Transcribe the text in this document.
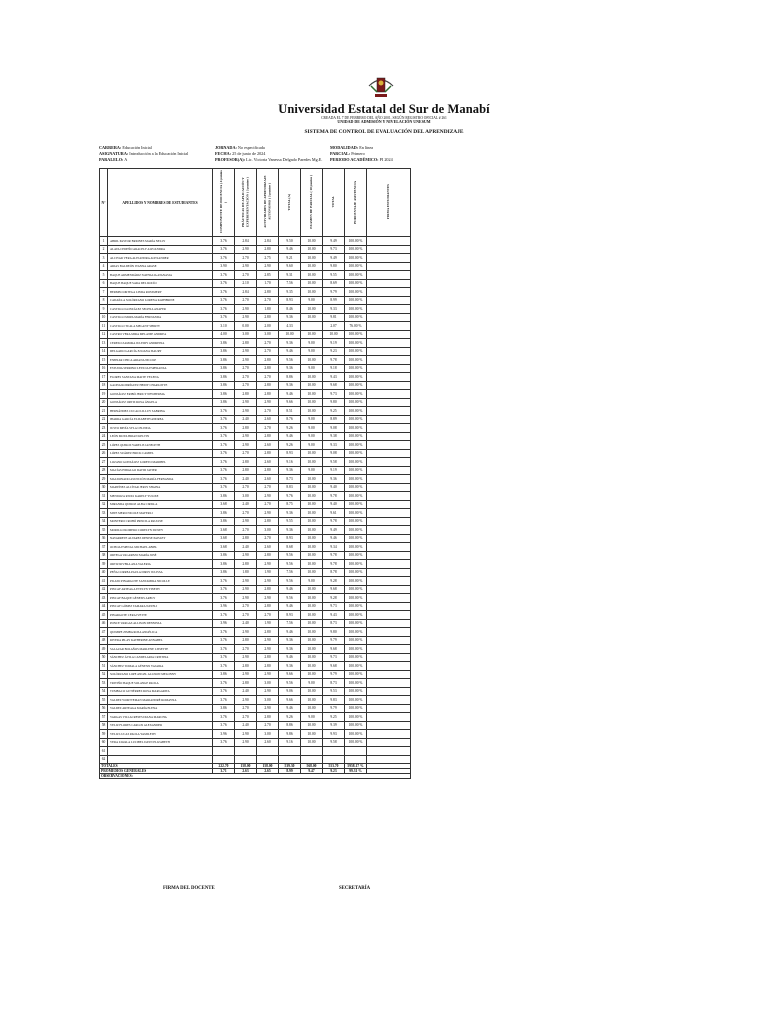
Universidad Estatal del Sur de Manabí
CREADA EL 7 DE FEBRERO DEL AÑO 2001, SEGÚN REGISTRO OFICIAL # 261
UNIDAD DE ADMISIÓN Y NIVELACIÓN UNESUM
SISTEMA DE CONTROL DE EVALUACIÓN DEL APRENDIZAJE
CARRERA: Educación Inicial
ASIGNATURA: Introducción a la Educación Inicial
PARALELO: A
JORNADA: No especificada
FECHA: 25 de junio de 2024
PROFESOR(A): Lic. Victoria Vanessa Delgado Paredes Mg.E.
MODALIDAD: En línea
PARCIAL: Primero
PERIODO ACADÉMICO: PI 2024
N°	APELLIDOS Y NOMBRES DE ESTUDIANTES	COMPONENTE DE DOCENCIA ( 4 puntos )	PRÁCTICAS DE APLICACIÓN Y EXPERIMENTACIÓN ( 3 puntos )	ACTIVIDADES DE APRENDIZAJE AUTÓNOMO ( 3 puntos )	TOTAL (A)	EXAMEN DE PARCIAL ( 10 puntos )	TOTAL	PORCENTAJE ASISTENCIA	FIRMA ESTUDIANTES
1	ABRIL PASTOR BRIONES MARÍA NELLY	3.76	2.84	2.84	9.50	10.00	9.49	100.00 %	
2	ALAVA CEDEÑO ARACELY ALEJANDRA	3.76	2.90	2.80	9.46	10.00	9.73	100.00 %	
3	ALCIVAR VERA ALEJANDRA ALEXANDER	3.76	2.70	2.75	9.21	10.00	9.49	100.00 %	
4	ARIAS BALDEÓN IVANNA ARASE	3.90	2.90	2.90	9.60	10.00	9.80	100.00 %	
5	BAQUE ARMENDÁRIZ NATHALIA ATANASIA	3.76	2.70	2.85	9.31	10.00	9.55	100.00 %	
6	BAQUE BAQUE SARA DEL ROCÍO	3.76	2.10	1.70	7.56	10.00	8.69	100.00 %	
7	BERMEO ORTEGA LINDA ROSSMERY	3.76	2.84	2.80	9.35	10.00	9.79	100.00 %	
8	CADAÍLLA SOLÓRZANO LORENA KATHERINE	3.76	2.70	2.70	8.93	9.00	8.99	100.00 %	
9	CASTILLO GONZÁLEZ SELENA ANAFER	3.76	2.90	1.80	8.46	10.00	9.33	100.00 %	
10	CASTILLO MOPA MARÍA FERNANDA	3.76	2.90	2.80	9.36	10.00	9.81	100.00 %	
11	CASTILLO TUALA MELANY SHIRTY	3.10	0.00	2.00	4.33		2.07	76.00 %	
12	CASTRO VERA MIRA MELANIE ANDREA	4.00	3.00	3.00	10.00	10.00	10.00	100.00 %	
13	CEREZO ZAMORA JULEIDY ANDREINA	3.86	2.80	2.70	9.36	9.00	9.19	100.00 %	
14	DELGADO GARCÍA JULIANA ISAURY	3.86	2.90	2.70	9.46	9.00	9.23	100.00 %	
15	ESPINAR CHICA ARIANA NICOLE	3.86	2.90	2.80	9.56	10.00	9.78	100.00 %	
16	ESTUDIA SERRINO LETICIA ESPERANZA	3.86	2.70	2.80	9.36	9.00	9.18	100.00 %	
17	FLORES SANTANA MAITE YELENA	3.86	2.70	2.70	8.86	10.00	9.43	100.00 %	
18	GAONA RODRÍGUEZ HEIDY CHARLOTTE	3.86	2.70	2.80	9.36	10.00	9.68	100.00 %	
19	GONZÁLEZ ERIBÓ JERICY NEWBERMA	3.86	2.80	2.80	9.46	10.00	9.73	100.00 %	
20	GONZÁLEZ ORTIZ ROSA ÁNGELA	3.86	2.90	2.90	9.66	10.00	9.80	100.00 %	
21	HERNÁNDEZ CUCAO LILLUY SABRINA	3.76	2.90	2.70	8.51	10.00	9.25	100.00 %	
22	IBARRA GARCÍA ELIZABETH ANDREA	3.76	2.40	2.60	8.76	9.00	8.89	100.00 %	
23	JUSTO MEJÍA SYLA CELINDA	3.76	2.80	2.70	9.26	9.00	9.08	100.00 %	
24	LEÓN MOYA BRIAN KELVIN	3.76	2.90	2.80	9.46	9.00	9.38	100.00 %	
25	LÓPEZ QUIROZ YARELIS JANELETH	3.76	2.90	2.60	9.26	9.00	9.33	100.00 %	
26	LÓPEZ SUÁREZ ERICK CAMIEL	3.76	2.70	2.80	8.93	10.00	9.08	100.00 %	
27	LOZANO GONZÁLEZ LORETO MARIBEL	3.76	2.80	2.60	9.16	10.00	9.58	100.00 %	
28	MACÍAS HIDALGO DAVID JAVIER	3.76	2.80	2.80	9.36	9.00	9.19	100.00 %	
29	MALDONADO ASUNCIÓN MARÍA FERNANDA	3.76	2.40	2.60	8.73	10.00	9.36	100.00 %	
30	MARTÍNEZ ALCÍVAR JERLY SHAINA	3.76	2.70	2.70	8.83	10.00	9.40	100.00 %	
31	MENDOZA RIVAS KARELY YULIXE	3.86	3.00	2.90	9.76	10.00	9.78	100.00 %	
32	MIRANDA QUIROZ ALBA CIRILLA	3.68	2.40	2.70	8.75	10.00	9.40	100.00 %	
33	MITE MERO NICOLE MAYERLI	3.86	2.70	2.90	9.36	10.00	9.61	100.00 %	
34	MONTERO CROHÓ PRISCILA PAULISE	3.86	2.90	2.80	9.55	10.00	9.78	100.00 %	
35	MORILLO ROMERO CORELYN DUXEY	3.68	2.70	3.00	9.36	10.00	9.49	100.00 %	
36	NAVARRETE ALVAREZ DENISE PAISLEY	3.68	2.80	2.70	8.93	10.00	9.46	100.00 %	
37	OCHOA ESPINAL MICHAEL ABIEL	3.68	2.40	2.60	8.68	10.00	9.34	100.00 %	
38	ORTEGA VALAREZO MARÍA JOSÉ	3.86	2.90	2.80	9.56	10.00	9.78	100.00 %	
39	ORTIZ RIVERA ANA VALERIA	3.86	2.80	2.90	9.56	10.00	9.78	100.00 %	
40	PEÑA CORREA PAULA DIRLY JULISSA	3.86	1.80	1.90	7.56	10.00	8.78	100.00 %	
41	PILATO PINARGOTE SANTAMIRA NICOLLE	3.76	2.90	2.90	9.56	9.00	9.28	100.00 %	
42	PINCAY ARTEAGA EVELYN YINETH	3.76	2.90	2.80	9.46	10.00	9.68	100.00 %	
43	PINCAY BAQUE GÉNESIS ARELY	3.76	2.90	2.90	9.56	10.00	9.28	100.00 %	
44	PINCAY GÓMEZ TAMARA NAYELI	3.96	2.70	2.80	9.46	10.00	9.73	100.00 %	
45	PINARGOTE CERA IVETTE	3.76	2.70	2.70	8.93	10.00	9.43	100.00 %	
46	PONCE VARGAS ALLISON DENNISSA	3.96	2.40	1.90	7.56	10.00	8.73	100.00 %	
47	QUIMIPE ZIMBA ROSA ANGÉLICA	3.76	2.90	2.80	9.46	10.00	9.80	100.00 %	
48	RIVERA PILAY KATHERINE ANNABEL	3.76	2.80	2.90	9.36	10.00	9.79	100.00 %	
49	SALAZAR BOLAÑOS MARLENE LISSETTE	3.76	2.70	2.90	9.36	10.00	9.68	100.00 %	
50	SÁNCHEZ ÁVILA CANDELARIA CRISTINA	3.76	2.90	2.80	9.46	10.00	9.73	100.00 %	
51	SÁNCHEZ TOMALA GÉNESIS YAJAIRA	3.76	2.80	2.80	9.36	10.00	9.68	100.00 %	
52	SOLÓRZANO LOPE ANGEL ALLISON MELONNY	3.86	2.90	2.90	9.66	10.00	9.79	100.00 %	
53	TRIVIÑO BAQUE SOLANGE PAOLA	3.76	2.80	3.00	9.56	9.00	8.73	100.00 %	
54	TUMBACO GUTIÉRREZ ROSA MARGARITA	3.76	2.40	2.90	9.06	10.00	9.53	100.00 %	
55	VALDEZ WORTTEMAN MARIANDRÉ ROMAYNA	3.76	2.90	3.00	9.66	10.00	9.83	100.00 %	
56	VALDEZ ARTEAGA MARÍA ELENA	3.86	2.70	2.90	9.46	10.00	9.79	100.00 %	
57	VARGAS VILLACRESES DIANA MARCHA	3.76	2.70	2.80	9.26	9.00	9.25	100.00 %	
58	VELIZ FLORES CARLOS ALEXANDER	3.76	2.40	2.70	8.86	10.00	9.39	100.00 %	
59	VELIZ LUCAS PAOLA YAMILETH	3.96	2.90	3.00	9.86	10.00	9.93	100.00 %	
60	VERA ZAVALA LUCIBEL DAYN ELIZABETH	3.76	2.90	2.60	9.16	10.00	9.58	100.00 %	
61									
62									
TOTALES		222.70	158.00	158.00	539.30	568.00	553.70	5958.17 %	
PROMEDIOS GENERALES		3.71	2.63	2.65	8.99	9.47	9.23	99.31 %	
OBSERVACIONES:									
FIRMA DEL DOCENTE	SECRETARÍA
